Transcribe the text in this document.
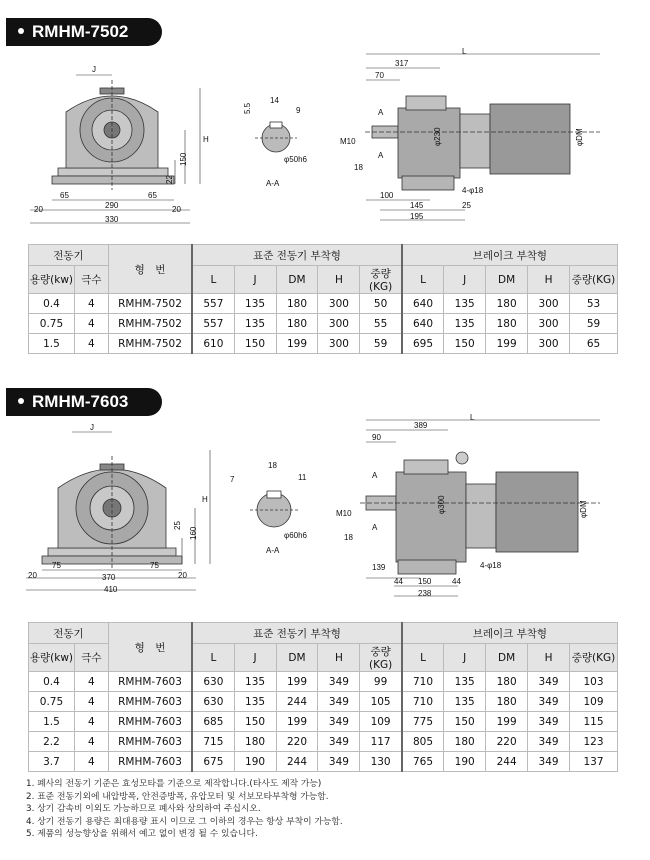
RMHM-7502
J
H
150
22
65	65
290
20	20
330
14
9
5.5
A-A
φ50h6
L
317
70
A
A
M10
18
φ230	φDM
100
145
195
25
4-φ18
전동기		형　번	표준 전동기 부착형					브레이크 부착형				
용량(kw)	극수		L	J	DM	H	중량(KG)	L	J	DM	H	중량(KG)
0.4	4	RMHM-7502	557	135	180	300	50	640	135	180	300	53
0.75	4	RMHM-7502	557	135	180	300	55	640	135	180	300	59
1.5	4	RMHM-7502	610	150	199	300	59	695	150	199	300	65
RMHM-7603
J
H
160
25
75	75
370
20	20
410
18
11
7
A-A
φ60h6
L
389
90
A
A
M10
18
φ300	φDM
139
150
238
44	44
4-φ18
전동기		형　번	표준 전동기 부착형					브레이크 부착형				
용량(kw)	극수		L	J	DM	H	중량(KG)	L	J	DM	H	중량(KG)
0.4	4	RMHM-7603	630	135	199	349	99	710	135	180	349	103
0.75	4	RMHM-7603	630	135	244	349	105	710	135	180	349	109
1.5	4	RMHM-7603	685	150	199	349	109	775	150	199	349	115
2.2	4	RMHM-7603	715	180	220	349	117	805	180	220	349	123
3.7	4	RMHM-7603	675	190	244	349	130	765	190	244	349	137
1. 폐사의 전동기 기준은 효성모타를 기준으로 제작합니다.(타사도 제작 가능)
2. 표준 전동기외에 내압방폭, 안전증방폭, 유압모터 및 서보모타부착형 가능함.
3. 상기 감속비 이외도 가능하므로 폐사와 상의하여 주십시오.
4. 상기 전동기 용량은 최대용량 표시 이므로 그 이하의 경우는 항상 부착이 가능함.
5. 제품의 성능향상을 위해서 예고 없이 변경 될 수 있습니다.
